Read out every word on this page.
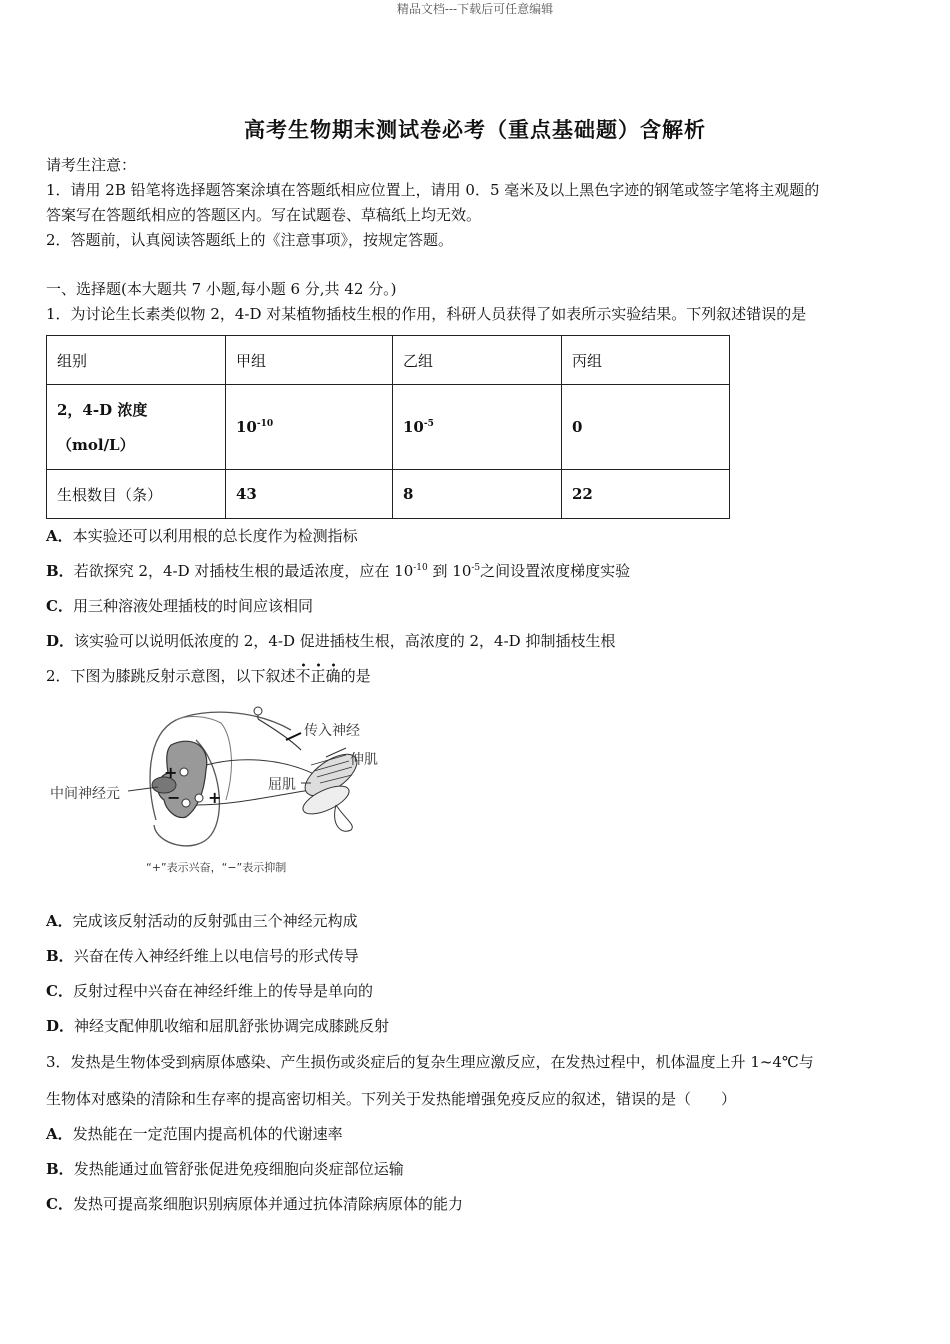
精品文档---下载后可任意编辑
高考生物期末测试卷必考（重点基础题）含解析
请考生注意：
1．请用 2B 铅笔将选择题答案涂填在答题纸相应位置上，请用 0．5 毫米及以上黑色字迹的钢笔或签字笔将主观题的
答案写在答题纸相应的答题区内。写在试题卷、草稿纸上均无效。
2．答题前，认真阅读答题纸上的《注意事项》，按规定答题。
一、选择题(本大题共 7 小题,每小题 6 分,共 42 分。)
1．为讨论生长素类似物 2，4-D 对某植物插枝生根的作用，科研人员获得了如表所示实验结果。下列叙述错误的是
组别	甲组	乙组	丙组

2，4-D 浓度
（mol/L）	$10^{-10}$	$10^{-5}$	0
生根数目（条）	43	8	22
A．本实验还可以利用根的总长度作为检测指标
B．若欲探究 2，4-D 对插枝生根的最适浓度，应在 $10^{-10}$ 到 $10^{-5}$之间设置浓度梯度实验
C．用三种溶液处理插枝的时间应该相同
D．该实验可以说明低浓度的 2，4-D 促进插枝生根，高浓度的 2，4-D 抑制插枝生根
2．下图为膝跳反射示意图，以下叙述不正确的是
传入神经
伸肌
屈肌
中间神经元
+
− +
“+”表示兴奋，“−”表示抑制
A．完成该反射活动的反射弧由三个神经元构成
B．兴奋在传入神经纤维上以电信号的形式传导
C．反射过程中兴奋在神经纤维上的传导是单向的
D．神经支配伸肌收缩和屈肌舒张协调完成膝跳反射
3．发热是生物体受到病原体感染、产生损伤或炎症后的复杂生理应激反应，在发热过程中，机体温度上升 1~4℃与
生物体对感染的清除和生存率的提高密切相关。下列关于发热能增强免疫反应的叙述，错误的是（　　）
A．发热能在一定范围内提高机体的代谢速率
B．发热能通过血管舒张促进免疫细胞向炎症部位运输
C．发热可提高浆细胞识别病原体并通过抗体清除病原体的能力
